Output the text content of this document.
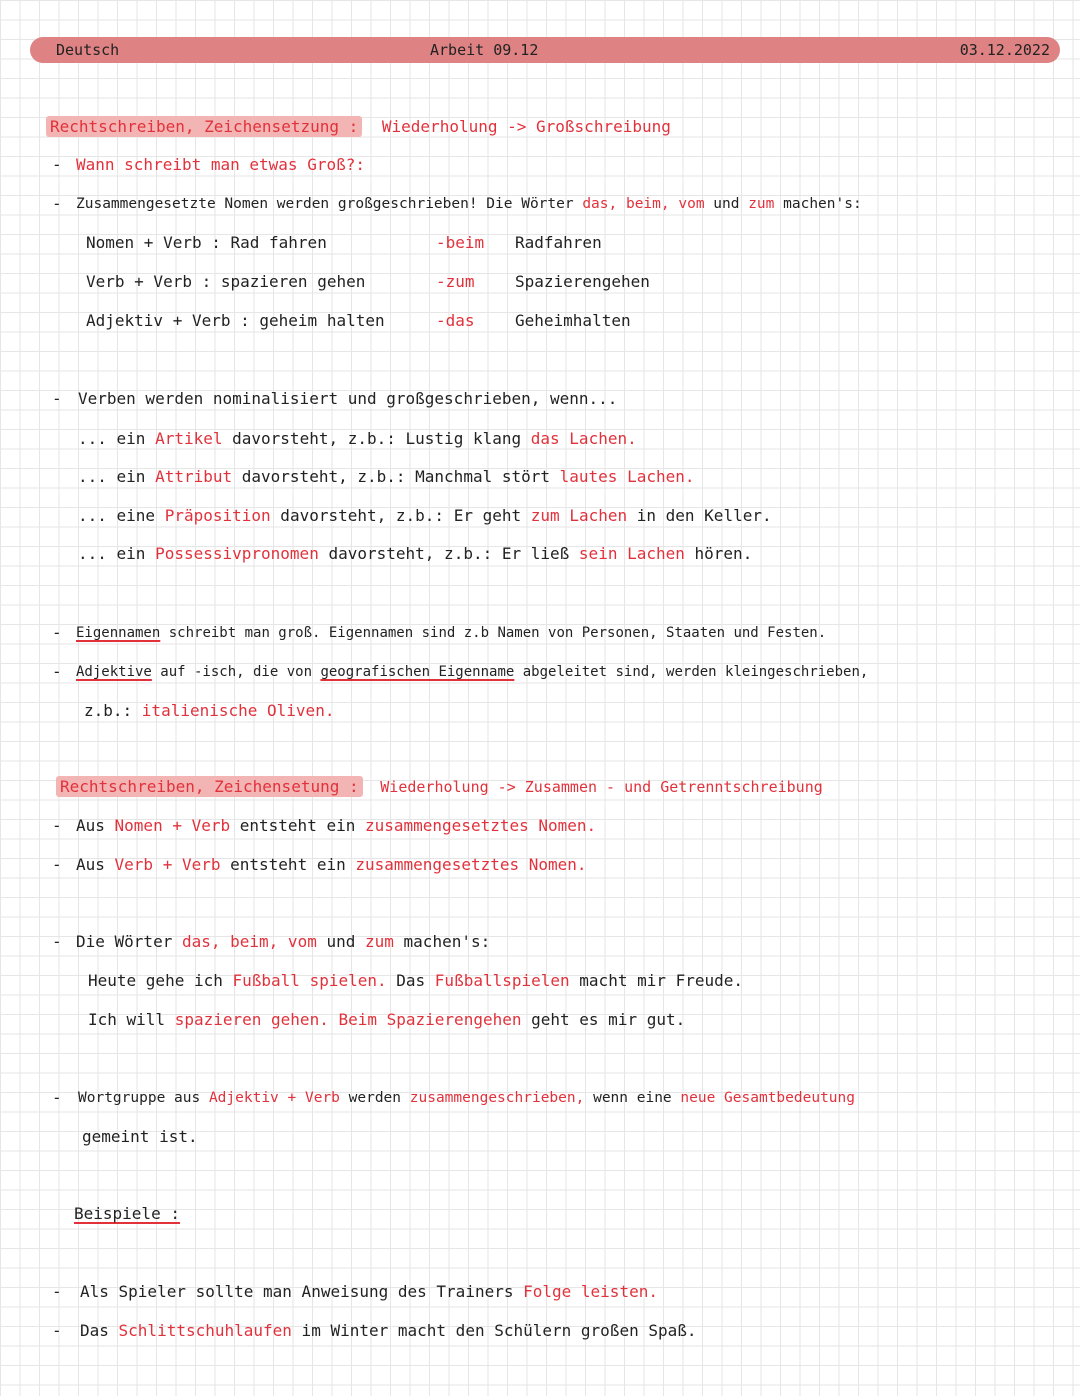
Deutsch	Arbeit 09.12	03.12.2022
Rechtschreiben, Zeichensetzung : Wiederholung -> Großschreibung
- Wann schreibt man etwas Groß?:
- Zusammengesetzte Nomen werden großgeschrieben! Die Wörter das, beim, vom und zum machen's:
Nomen + Verb : Rad fahren	-beim Radfahren
Verb + Verb : spazieren gehen	-zum	Spazierengehen
Adjektiv + Verb : geheim halten	-das	Geheimhalten
- Verben werden nominalisiert und großgeschrieben, wenn...
... ein Artikel davorsteht, z.b.: Lustig klang das Lachen.
... ein Attribut davorsteht, z.b.: Manchmal stört lautes Lachen.
... eine Präposition davorsteht, z.b.: Er geht zum Lachen in den Keller.
... ein Possessivpronomen davorsteht, z.b.: Er ließ sein Lachen hören.
- Eigennamen schreibt man groß. Eigennamen sind z.b Namen von Personen, Staaten und Festen.
- Adjektive auf -isch, die von geografischen Eigenname abgeleitet sind, werden kleingeschrieben,
z.b.: italienische Oliven.
Rechtschreiben, Zeichensetung : Wiederholung -> Zusammen - und Getrenntschreibung
- Aus Nomen + Verb entsteht ein zusammengesetztes Nomen.
- Aus Verb + Verb entsteht ein zusammengesetztes Nomen.
- Die Wörter das, beim, vom und zum machen's:
Heute gehe ich Fußball spielen. Das Fußballspielen macht mir Freude.
Ich will spazieren gehen. Beim Spazierengehen geht es mir gut.
- Wortgruppe aus Adjektiv + Verb werden zusammengeschrieben, wenn eine neue Gesamtbedeutung
gemeint ist.
Beispiele :
- Als Spieler sollte man Anweisung des Trainers Folge leisten.
- Das Schlittschuhlaufen im Winter macht den Schülern großen Spaß.
